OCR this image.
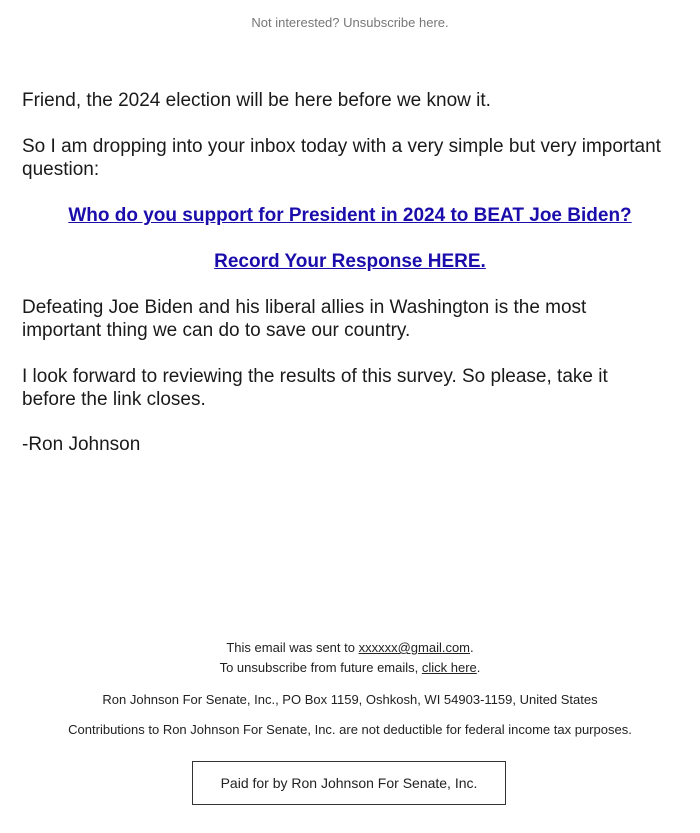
Not interested? Unsubscribe here.
Friend, the 2024 election will be here before we know it.
So I am dropping into your inbox today with a very simple but very important question:
Who do you support for President in 2024 to BEAT Joe Biden?
Record Your Response HERE.
Defeating Joe Biden and his liberal allies in Washington is the most important thing we can do to save our country.
I look forward to reviewing the results of this survey. So please, take it before the link closes.
-Ron Johnson
This email was sent to xxxxxx@gmail.com.
To unsubscribe from future emails, click here.
Ron Johnson For Senate, Inc., PO Box 1159, Oshkosh, WI 54903-1159, United States
Contributions to Ron Johnson For Senate, Inc. are not deductible for federal income tax purposes.
Paid for by Ron Johnson For Senate, Inc.
